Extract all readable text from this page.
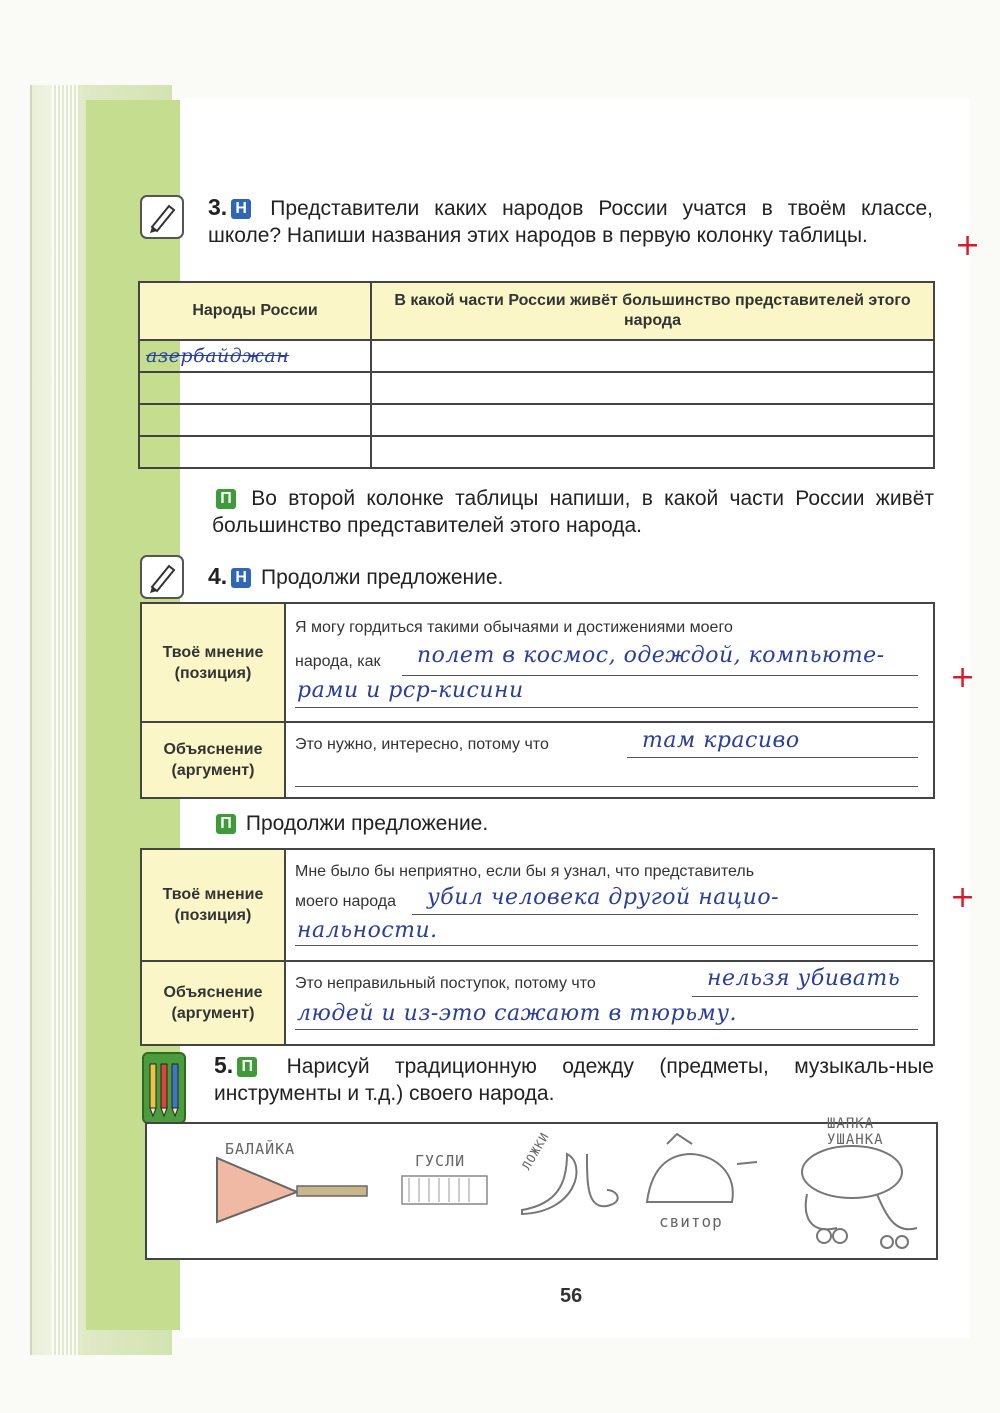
3. Н Представители каких народов России учатся в твоём классе, школе? Напиши названия этих народов в первую колонку таблицы.
Народы России	В какой части России живёт большинство представителей этого народа
азербайджан	

+
П Во второй колонке таблицы напиши, в какой части России живёт большинство представителей этого народа.
4. Н Продолжи предложение.
Твоё мнение (позиция)	Я могу гордиться такими обычаями и достижениями моего
народа, как полет в космос, одеждой, компьюте-
рами и рср-кисини

Объяснение (аргумент)	Это нужно, интересно, потому что там красиво
+
П Продолжи предложение.
Твоё мнение (позиция)	Мне было бы неприятно, если бы я узнал, что представитель
моего народа убил человека другой нацио-
нальности.

Объяснение (аргумент)	Это неправильный поступок, потому что нельзя убивать
людей и из-это сажают в тюрьму.
+
5. П Нарисуй традиционную одежду (предметы, музыкаль-ные инструменты и т.д.) своего народа.
БАЛАЙКА
ГУСЛИ	ЛОЖКИ
свитор
ШАПКА УШАНКА
56
